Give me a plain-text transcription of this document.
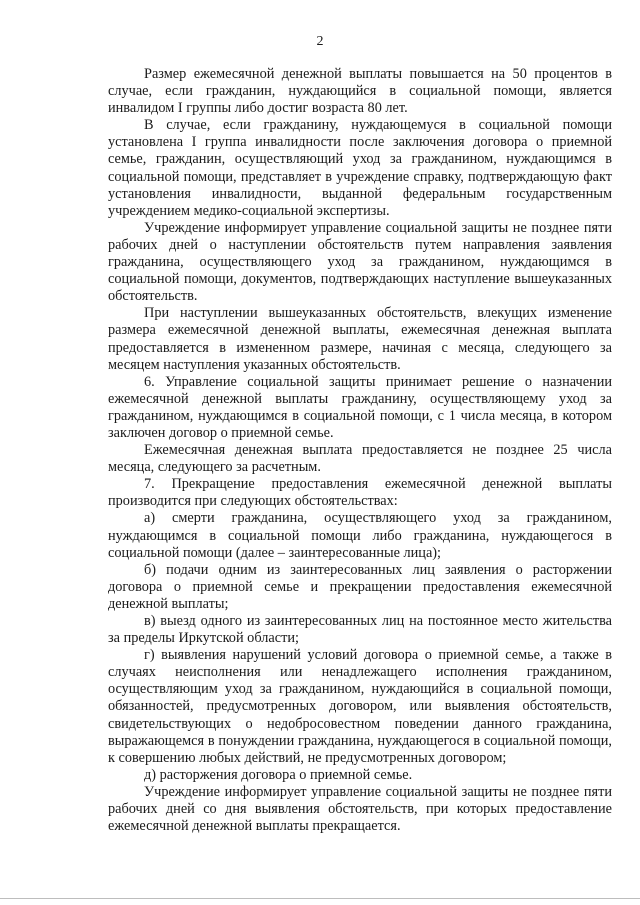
2

Размер ежемесячной денежной выплаты повышается на 50 процентов в случае, если гражданин, нуждающийся в социальной помощи, является инвалидом I группы либо достиг возраста 80 лет.

В случае, если гражданину, нуждающемуся в социальной помощи установлена I группа инвалидности после заключения договора о приемной семье, гражданин, осуществляющий уход за гражданином, нуждающимся в социальной помощи, представляет в учреждение справку, подтверждающую факт установления инвалидности, выданной федеральным государственным учреждением медико-социальной экспертизы.

Учреждение информирует управление социальной защиты не позднее пяти рабочих дней о наступлении обстоятельств путем направления заявления гражданина, осуществляющего уход за гражданином, нуждающимся в социальной помощи, документов, подтверждающих наступление вышеуказанных обстоятельств.

При наступлении вышеуказанных обстоятельств, влекущих изменение размера ежемесячной денежной выплаты, ежемесячная денежная выплата предоставляется в измененном размере, начиная с месяца, следующего за месяцем наступления указанных обстоятельств.

6. Управление социальной защиты принимает решение о назначении ежемесячной денежной выплаты гражданину, осуществляющему уход за гражданином, нуждающимся в социальной помощи, с 1 числа месяца, в котором заключен договор о приемной семье.

Ежемесячная денежная выплата предоставляется не позднее 25 числа месяца, следующего за расчетным.

7. Прекращение предоставления ежемесячной денежной выплаты производится при следующих обстоятельствах:

а) смерти гражданина, осуществляющего уход за гражданином, нуждающимся в социальной помощи либо гражданина, нуждающегося в социальной помощи (далее – заинтересованные лица);

б) подачи одним из заинтересованных лиц заявления о расторжении договора о приемной семье и прекращении предоставления ежемесячной денежной выплаты;

в) выезд одного из заинтересованных лиц на постоянное место жительства за пределы Иркутской области;

г) выявления нарушений условий договора о приемной семье, а также в случаях неисполнения или ненадлежащего исполнения гражданином, осуществляющим уход за гражданином, нуждающийся в социальной помощи, обязанностей, предусмотренных договором, или выявления обстоятельств, свидетельствующих о недобросовестном поведении данного гражданина, выражающемся в понуждении гражданина, нуждающегося в социальной помощи, к совершению любых действий, не предусмотренных договором;

д) расторжения договора о приемной семье.

Учреждение информирует управление социальной защиты не позднее пяти рабочих дней со дня выявления обстоятельств, при которых предоставление ежемесячной денежной выплаты прекращается.
